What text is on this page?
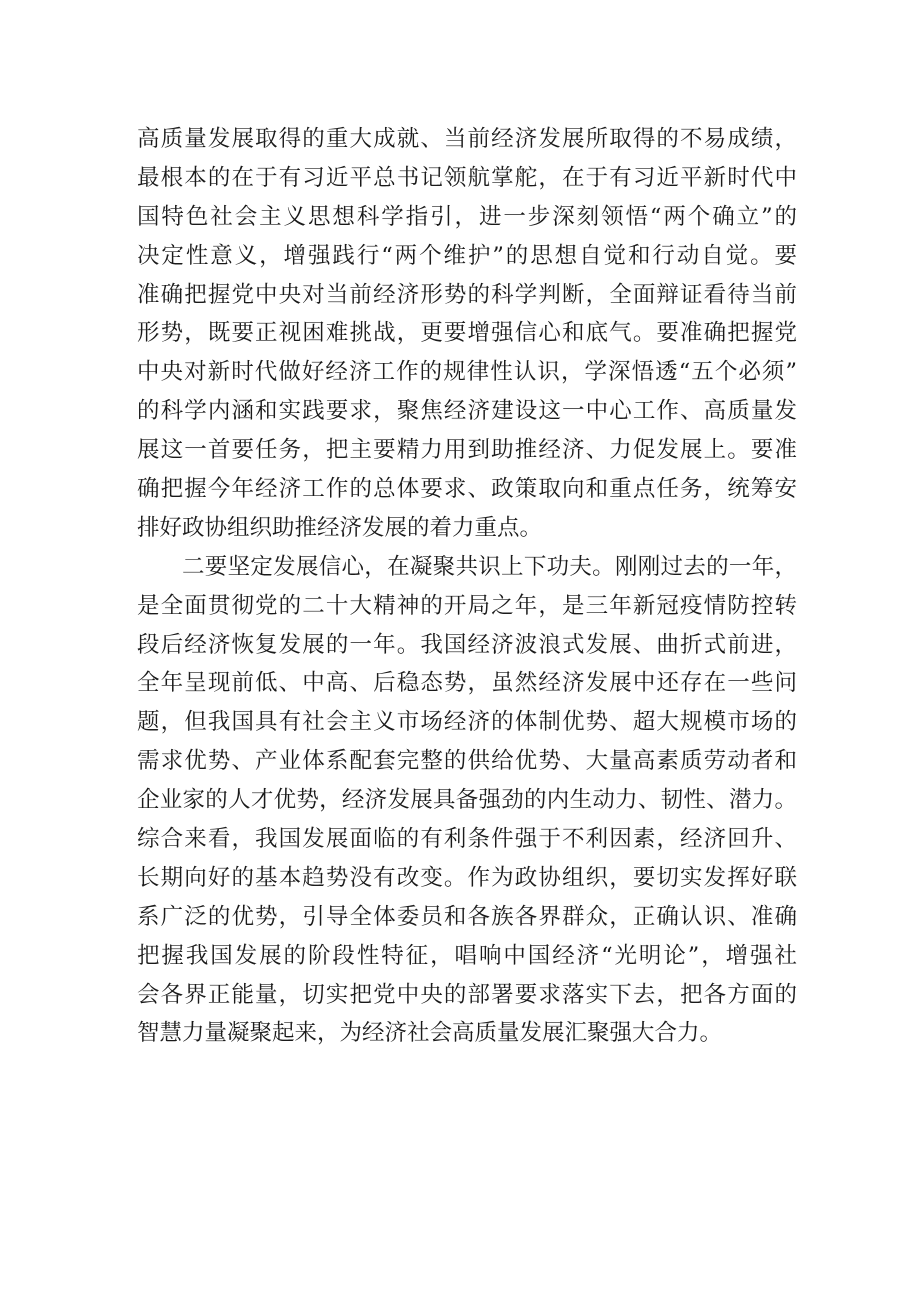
高质量发展取得的重大成就、当前经济发展所取得的不易成绩，
最根本的在于有习近平总书记领航掌舵，在于有习近平新时代中
国特色社会主义思想科学指引，进一步深刻领悟“两个确立”的
决定性意义，增强践行“两个维护”的思想自觉和行动自觉。要
准确把握党中央对当前经济形势的科学判断，全面辩证看待当前
形势，既要正视困难挑战，更要增强信心和底气。要准确把握党
中央对新时代做好经济工作的规律性认识，学深悟透“五个必须”
的科学内涵和实践要求，聚焦经济建设这一中心工作、高质量发
展这一首要任务，把主要精力用到助推经济、力促发展上。要准
确把握今年经济工作的总体要求、政策取向和重点任务，统筹安
排好政协组织助推经济发展的着力重点。
二要坚定发展信心，在凝聚共识上下功夫。刚刚过去的一年，
是全面贯彻党的二十大精神的开局之年，是三年新冠疫情防控转
段后经济恢复发展的一年。我国经济波浪式发展、曲折式前进，
全年呈现前低、中高、后稳态势，虽然经济发展中还存在一些问
题，但我国具有社会主义市场经济的体制优势、超大规模市场的
需求优势、产业体系配套完整的供给优势、大量高素质劳动者和
企业家的人才优势，经济发展具备强劲的内生动力、韧性、潜力。
综合来看，我国发展面临的有利条件强于不利因素，经济回升、
长期向好的基本趋势没有改变。作为政协组织，要切实发挥好联
系广泛的优势，引导全体委员和各族各界群众，正确认识、准确
把握我国发展的阶段性特征，唱响中国经济“光明论”，增强社
会各界正能量，切实把党中央的部署要求落实下去，把各方面的
智慧力量凝聚起来，为经济社会高质量发展汇聚强大合力。
